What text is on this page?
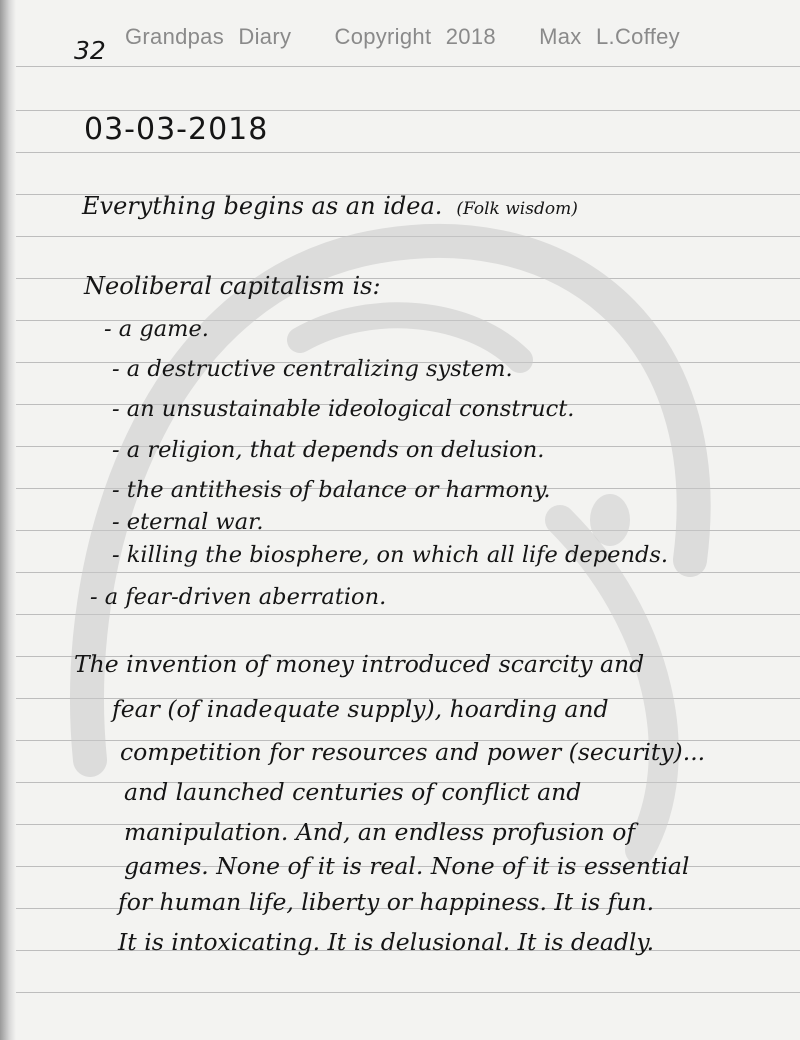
32 Grandpas Diary   Copyright 2018   Max L.Coffey
03-03-2018
Everything begins as an idea. (Folk wisdom)
Neoliberal capitalism is:
- a game.
- a destructive centralizing system.
- an unsustainable ideological construct.
- a religion, that depends on delusion.
- the antithesis of balance or harmony.
- eternal war.
- killing the biosphere, on which all life depends.
- a fear-driven aberration.
The invention of money introduced scarcity and
fear (of inadequate supply), hoarding and
competition for resources and power (security)...
and launched centuries of conflict and
manipulation. And, an endless profusion of
games. None of it is real. None of it is essential
for human life, liberty or happiness. It is fun.
It is intoxicating. It is delusional. It is deadly.
